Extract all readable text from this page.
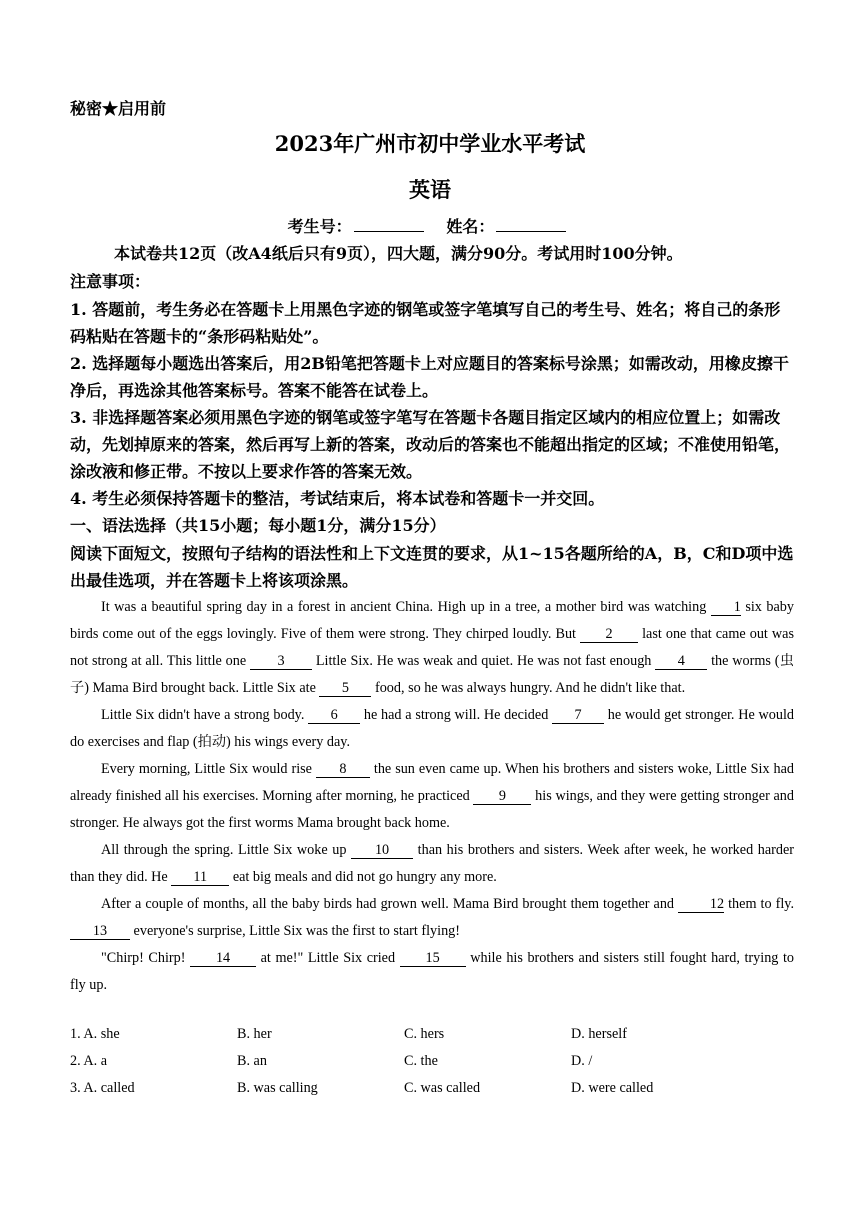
秘密★启用前
2023年广州市初中学业水平考试
英语
考生号：	姓名：
本试卷共12页（改A4纸后只有9页），四大题，满分90分。考试用时100分钟。
注意事项：

1. 答题前，考生务必在答题卡上用黑色字迹的钢笔或签字笔填写自己的考生号、姓名；将自己的条形码粘贴在答题卡的“条形码粘贴处”。

2. 选择题每小题选出答案后，用2B铅笔把答题卡上对应题目的答案标号涂黑；如需改动，用橡皮擦干净后，再选涂其他答案标号。答案不能答在试卷上。

3. 非选择题答案必须用黑色字迹的钢笔或签字笔写在答题卡各题目指定区域内的相应位置上；如需改动，先划掉原来的答案，然后再写上新的答案，改动后的答案也不能超出指定的区域；不准使用铅笔，涂改液和修正带。不按以上要求作答的答案无效。

4. 考生必须保持答题卡的整洁，考试结束后，将本试卷和答题卡一并交回。

一、语法选择（共15小题；每小题1分，满分15分）
阅读下面短文，按照句子结构的语法性和上下文连贯的要求，从1~15各题所给的A，B，C和D项中选出最佳选项，并在答题卡上将该项涂黑。

It was a beautiful spring day in a forest in ancient China. High up in a tree, a mother bird was watching 1 six baby birds come out of the eggs lovingly. Five of them were strong. They chirped loudly. But 2 last one that came out was not strong at all. This little one 3 Little Six. He was weak and quiet. He was not fast enough 4 the worms (虫子) Mama Bird brought back. Little Six ate 5 food, so he was always hungry. And he didn't like that.

Little Six didn't have a strong body. 6 he had a strong will. He decided 7 he would get stronger. He would do exercises and flap (拍动) his wings every day.

Every morning, Little Six would rise 8 the sun even came up. When his brothers and sisters woke, Little Six had already finished all his exercises. Morning after morning, he practiced 9 his wings, and they were getting stronger and stronger. He always got the first worms Mama brought back home.

All through the spring. Little Six woke up 10 than his brothers and sisters. Week after week, he worked harder than they did. He 11 eat big meals and did not go hungry any more.

After a couple of months, all the baby birds had grown well. Mama Bird brought them together and 12 them to fly. 13 everyone's surprise, Little Six was the first to start flying!

"Chirp! Chirp! 14 at me!" Little Six cried 15 while his brothers and sisters still fought hard, trying to fly up.

1. A. she	B. her	C. hers	D. herself
2. A. a	B. an	C. the	D. /
3. A. called	B. was calling	C. was called	D. were called
